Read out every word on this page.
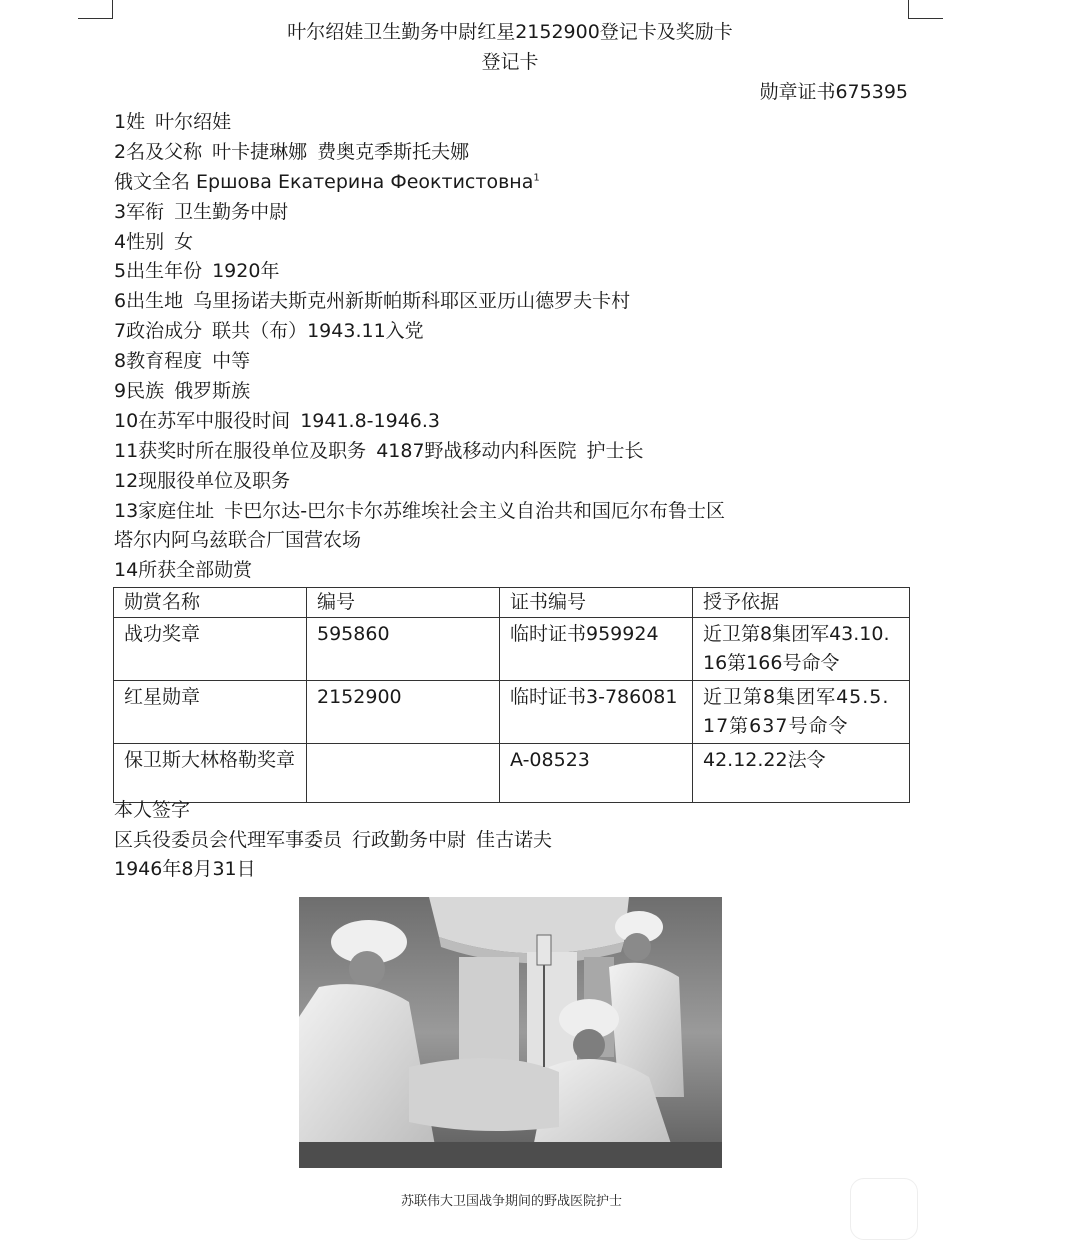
叶尔绍娃卫生勤务中尉红星2152900登记卡及奖励卡
登记卡
勋章证书675395
1姓 叶尔绍娃
2名及父称 叶卡捷琳娜 费奥克季斯托夫娜
俄文全名 Ершова Екатерина Феоктистовна$^1$
3军衔 卫生勤务中尉
4性别 女
5出生年份 1920年
6出生地 乌里扬诺夫斯克州新斯帕斯科耶区亚历山德罗夫卡村
7政治成分 联共（布）1943.11入党
8教育程度 中等
9民族 俄罗斯族
10在苏军中服役时间 1941.8-1946.3
11获奖时所在服役单位及职务 4187野战移动内科医院 护士长
12现服役单位及职务
13家庭住址 卡巴尔达-巴尔卡尔苏维埃社会主义自治共和国厄尔布鲁士区
塔尔内阿乌兹联合厂国营农场
14所获全部勋赏
勋赏名称	编号	证书编号	授予依据
战功奖章	595860	临时证书959924	近卫第8集团军43.10.16第166号命令
红星勋章	2152900	临时证书3-786081	近卫第8集团军45.5.17第637号命令
保卫斯大林格勒奖章		A-08523	42.12.22法令
本人签字
区兵役委员会代理军事委员 行政勤务中尉 佳古诺夫
1946年8月31日
苏联伟大卫国战争期间的野战医院护士
